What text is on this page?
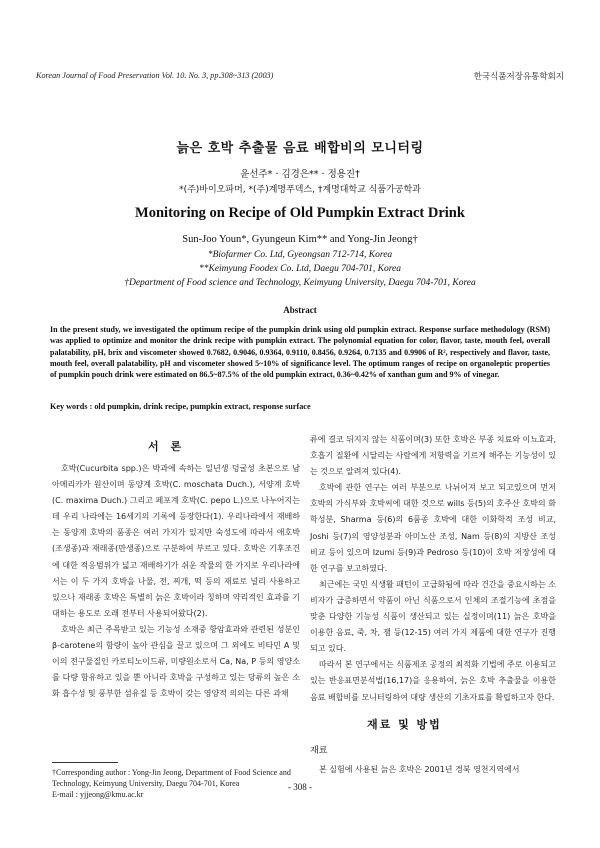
Korean Journal of Food Preservation Vol. 10. No. 3, pp.308~313 (2003)	한국식품저장유통학회지
늙은 호박 추출물 음료 배합비의 모니터링
윤선주* · 김경은** · 정용진†
*(주)바이오파머, *(주)계명푸덱스, †계명대학교 식품가공학과
Monitoring on Recipe of Old Pumpkin Extract Drink
Sun-Joo Youn*, Gyungeun Kim** and Yong-Jin Jeong†
*Biofarmer Co. Ltd, Gyeongsan 712-714, Korea
**Keimyung Foodex Co. Ltd, Daegu 704-701, Korea
†Department of Food science and Technology, Keimyung University, Daegu 704-701, Korea
Abstract

In the present study, we investigated the optimum recipe of the pumpkin drink using old pumpkin extract. Response surface methodology (RSM) was applied to optimize and monitor the drink recipe with pumpkin extract. The polynomial equation for color, flavor, taste, mouth feel, overall palatability, pH, brix and viscometer showed 0.7682, 0.9046, 0.9364, 0.9110, 0.8456, 0.9264, 0.7135 and 0.9906 of R², respectively and flavor, taste, mouth feel, overall palatability, pH and viscometer showed 5~10% of significance level. The optimum ranges of recipe on organoleptic properties of pumpkin pouch drink were estimated on 86.5~87.5% of the old pumpkin extract, 0.36~0.42% of xanthan gum and 9% of vinegar.

Key words : old pumpkin, drink recipe, pumpkin extract, response surface
서 론

호박(Cucurbita spp.)은 박과에 속하는 일년생 덩굴성 초본으로 남아메리카가 원산이며 동양계 호박(C. moschata Duch.), 서양계 호박(C. maxima Duch.) 그리고 페포계 호박(C. pepo L.)으로 나누어지는데 우리 나라에는 16세기의 기록에 등장한다(1). 우리나라에서 재배하는 동양계 호박의 품종은 여러 가지가 있지만 숙성도에 따라서 애호박(조생종)과 재래종(만생종)으로 구분하여 부르고 있다. 호박은 기후조건에 대한 적응범위가 넓고 재배하기가 쉬운 작물의 한 가지로 우리나라에서는 이 두 가지 호박을 나물, 전, 찌개, 떡 등의 재료로 널리 사용하고 있으나 재래종 호박은 특별히 늙은 호박이라 칭하며 약리적인 효과를 기대하는 용도로 오래 전부터 사용되어왔다(2).

호박은 최근 주목받고 있는 기능성 소재중 항암효과와 관련된 성분인 β-carotene의 함량이 높아 관심을 끌고 있으며 그 외에도 비타민 A 및 이의 전구물질인 카로티노이드류, 미량원소로서 Ca, Na, P 등의 영양소를 다량 함유하고 있을 뿐 아니라 호박을 구성하고 있는 당류의 높은 소화 흡수성 및 풍부한 섬유질 등 호박이 갖는 영양적 의의는 다른 과채

류에 결코 뒤지지 않는 식품이며(3) 또한 호박은 부종 치료와 이뇨효과, 호흡기 질환에 시달리는 사람에게 저항력을 기르게 해주는 기능성이 있는 것으로 알려져 있다(4).

호박에 관한 연구는 여러 부분으로 나뉘어져 보고 되고있으며 먼저 호박의 가식부와 호박씨에 대한 것으로 wills 등(5)의 호주산 호박의 화학성분, Sharma 등(6)의 6품종 호박에 대한 이화학적 조성 비교, Joshi 등(7)의 영양성분과 아미노산 조성, Nam 등(8)의 지방산 조성 비교 등이 있으며 Izumi 등(9)과 Pedroso 등(10)이 호박 저장성에 대한 연구를 보고하였다.

최근에는 국민 식생활 패턴이 고급화됨에 따라 건간을 중요시하는 소비자가 급증하면서 약품이 아닌 식품으로서 인체의 조절기능에 초점을 맞춘 다양한 기능성 식품이 생산되고 있는 실정이며(11) 늙은 호박을 이용한 음료, 죽, 차, 잼 등(12-15) 여러 가지 제품에 대한 연구가 진행되고 있다.

따라서 본 연구에서는 식품제조 공정의 최적화 기법에 주로 이용되고 있는 반응표면분석법(16,17)을 응용하여, 늙은 호박 추출물을 이용한 음료 배합비를 모니터링하여 대량 생산의 기초자료를 확립하고자 한다.

재료 및 방법
재료

본 실험에 사용된 늙은 호박은 2001년 경북 영천지역에서

†Corresponding author : Yong-Jin Jeong, Department of Food Science and Technology, Keimyung University, Daegu 704-701, Korea
E-mail : yjjeong@kmu.ac.kr
- 308 -
